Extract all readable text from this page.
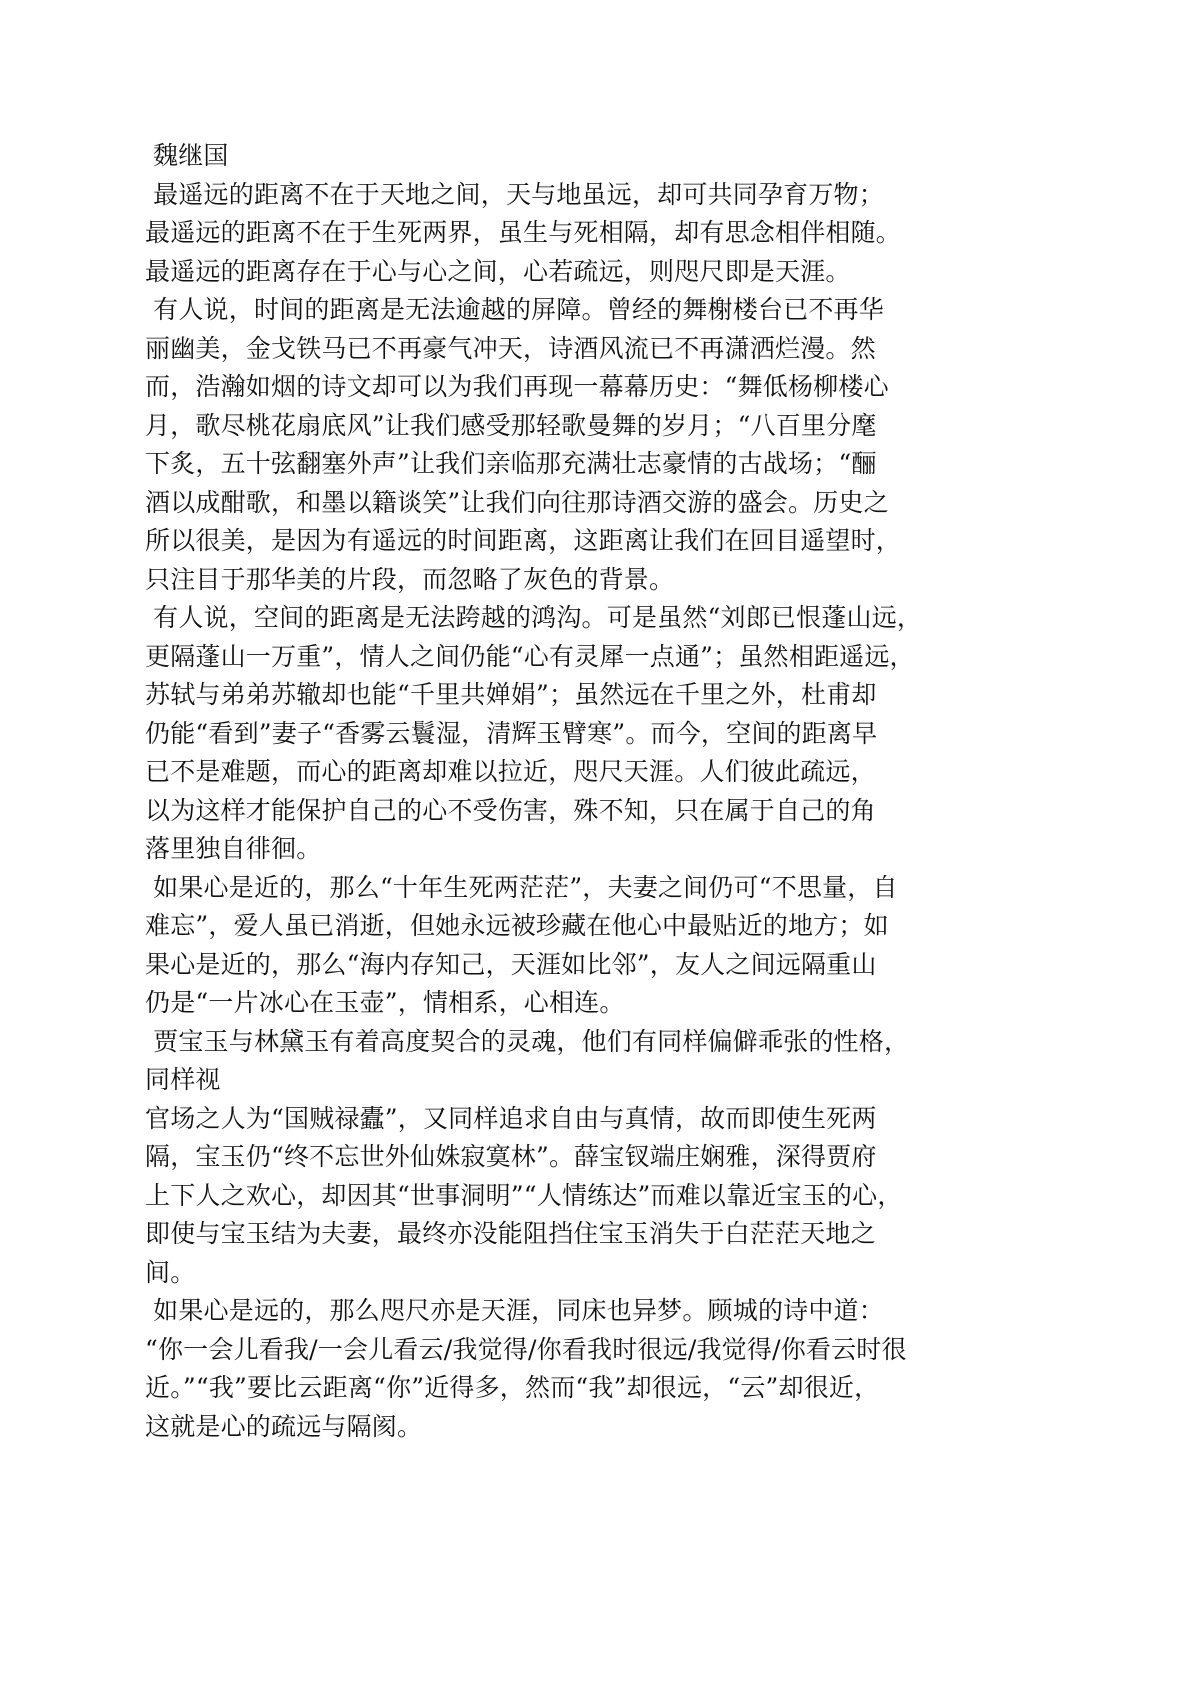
魏继国
最遥远的距离不在于天地之间，天与地虽远，却可共同孕育万物；
最遥远的距离不在于生死两界，虽生与死相隔，却有思念相伴相随。
最遥远的距离存在于心与心之间，心若疏远，则咫尺即是天涯。
有人说，时间的距离是无法逾越的屏障。曾经的舞榭楼台已不再华
丽幽美，金戈铁马已不再豪气冲天，诗酒风流已不再潇洒烂漫。然
而，浩瀚如烟的诗文却可以为我们再现一幕幕历史：“舞低杨柳楼心
月，歌尽桃花扇底风”让我们感受那轻歌曼舞的岁月；“八百里分麾
下炙，五十弦翻塞外声”让我们亲临那充满壮志豪情的古战场；“酾
酒以成酣歌，和墨以籍谈笑”让我们向往那诗酒交游的盛会。历史之
所以很美，是因为有遥远的时间距离，这距离让我们在回目遥望时，
只注目于那华美的片段，而忽略了灰色的背景。
有人说，空间的距离是无法跨越的鸿沟。可是虽然“刘郎已恨蓬山远，
更隔蓬山一万重”，情人之间仍能“心有灵犀一点通”；虽然相距遥远，
苏轼与弟弟苏辙却也能“千里共婵娟”；虽然远在千里之外，杜甫却
仍能“看到”妻子“香雾云鬟湿，清辉玉臂寒”。而今，空间的距离早
已不是难题，而心的距离却难以拉近，咫尺天涯。人们彼此疏远，
以为这样才能保护自己的心不受伤害，殊不知，只在属于自己的角
落里独自徘徊。
如果心是近的，那么“十年生死两茫茫”，夫妻之间仍可“不思量，自
难忘”，爱人虽已消逝，但她永远被珍藏在他心中最贴近的地方；如
果心是近的，那么“海内存知己，天涯如比邻”，友人之间远隔重山
仍是“一片冰心在玉壶”，情相系，心相连。
贾宝玉与林黛玉有着高度契合的灵魂，他们有同样偏僻乖张的性格，
同样视
官场之人为“国贼禄蠹”，又同样追求自由与真情，故而即使生死两
隔，宝玉仍“终不忘世外仙姝寂寞林”。薛宝钗端庄娴雅，深得贾府
上下人之欢心，却因其“世事洞明”“人情练达”而难以靠近宝玉的心，
即使与宝玉结为夫妻，最终亦没能阻挡住宝玉消失于白茫茫天地之
间。
如果心是远的，那么咫尺亦是天涯，同床也异梦。顾城的诗中道：
“你一会儿看我/一会儿看云/我觉得/你看我时很远/我觉得/你看云时很
近。”“我”要比云距离“你”近得多，然而“我”却很远，“云”却很近，
这就是心的疏远与隔阂。
